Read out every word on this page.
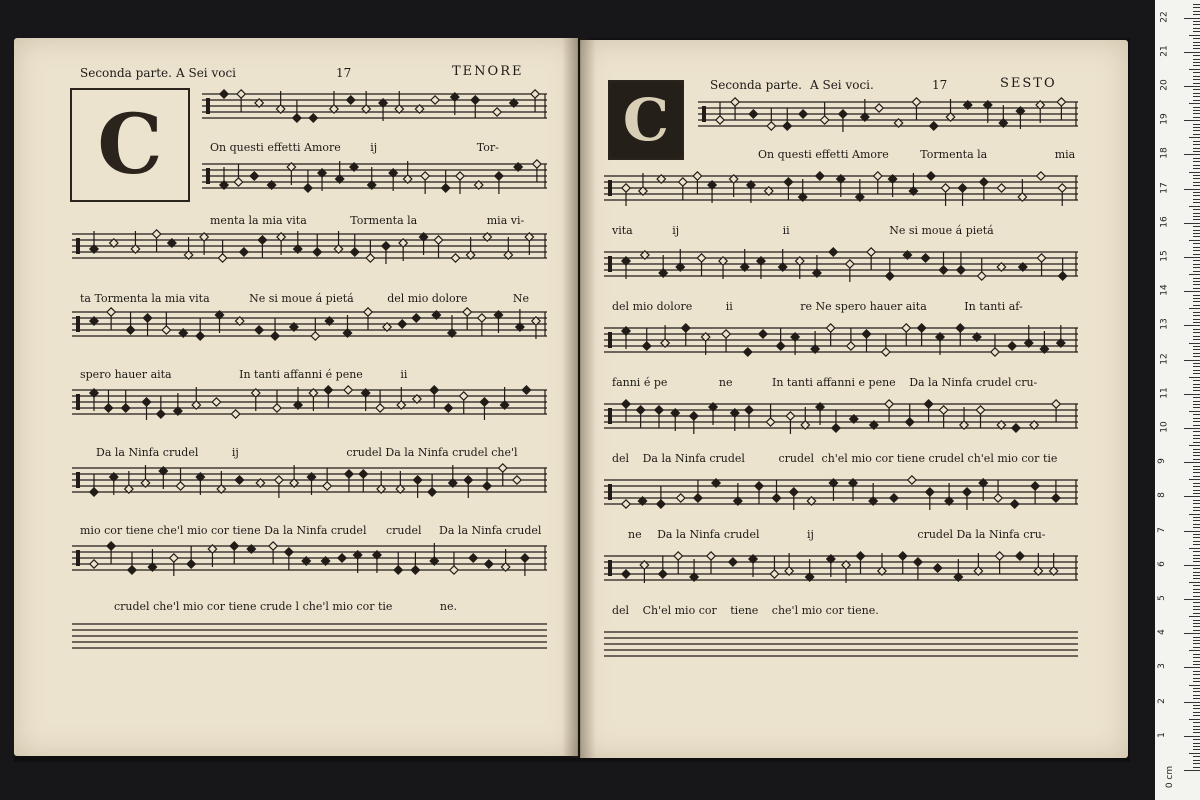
Seconda parte. A Sei voci	17	TENORE
C	On questi effetti Amore	ij	Tor-
menta la mia vita	Tormenta la	mia vi-
ta Tormenta la mia vita	Ne si moue á pietá	del mio dolore	Ne
spero hauer aita	In tanti affanni é pene	ii
Da la Ninfa crudel	ij	crudel Da la Ninfa crudel che'l
mio cor tiene che'l mio cor tiene Da la Ninfa crudel crudel Da la Ninfa crudel
crudel che'l mio cor tiene crude l che'l mio cor tie	ne.
Seconda parte. A Sei voci.	17	SESTO
C
On questi effetti Amore	Tormenta la	mia
vita	ij	ii	Ne si moue á pietá
del mio dolore	ii	re Ne spero hauer aita	In tanti af-
fanni é pe	ne	In tanti affanni e pene Da la Ninfa crudel cru-
del Da la Ninfa crudel	crudel ch'el mio cor tiene crudel ch'el mio cor tie
ne Da la Ninfa crudel	ij	crudel Da la Ninfa cru-
del Ch'el mio cor tiene che'l mio cor tiene.
0 cm
1
2
3
4
5
6
7
8
9
10
11
12
13
14
15
16
17
18
19
20
21
22
